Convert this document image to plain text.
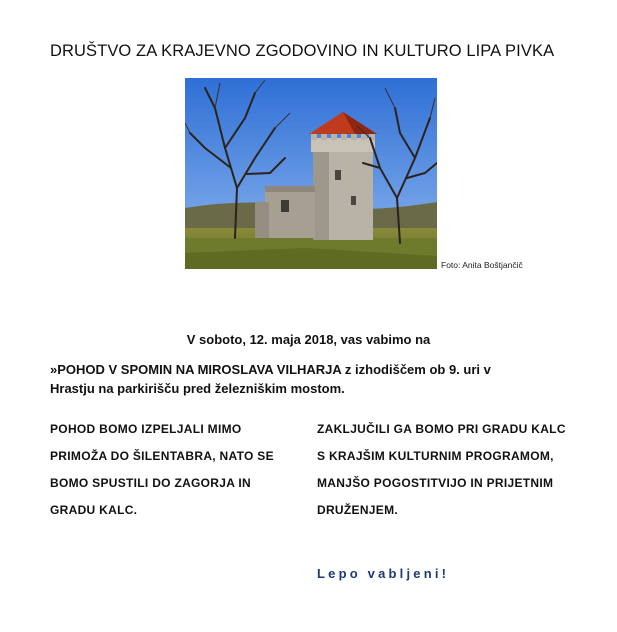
DRUŠTVO ZA KRAJEVNO ZGODOVINO IN KULTURO LIPA PIVKA
Foto: Anita Boštjančič
V soboto, 12. maja 2018, vas vabimo na
»POHOD V SPOMIN NA MIROSLAVA VILHARJA z izhodiščem ob 9. uri v
Hrastju na parkirišču pred železniškim mostom.
POHOD BOMO IZPELJALI MIMO
PRIMOŽA DO ŠILENTABRA, NATO SE
BOMO SPUSTILI DO ZAGORJA IN
GRADU KALC.
ZAKLJUČILI GA BOMO PRI GRADU KALC
S KRAJŠIM KULTURNIM PROGRAMOM,
MANJŠO POGOSTITVIJO IN PRIJETNIM
DRUŽENJEM.
Lepo vabljeni!
